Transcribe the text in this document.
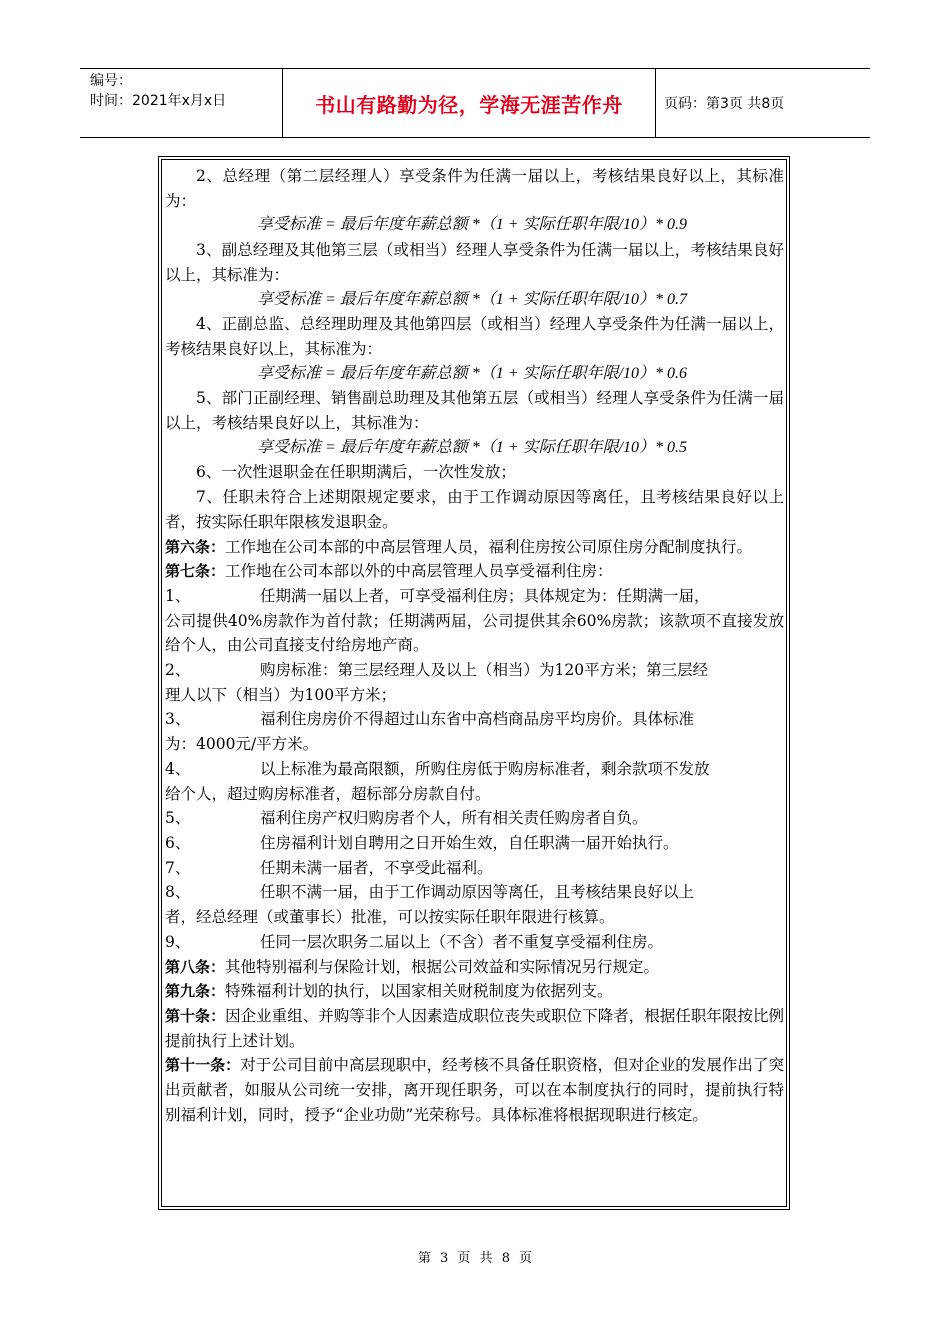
编号：
时间：2021年x月x日	书山有路勤为径，学海无涯苦作舟	页码：第3页 共8页

2、总经理（第二层经理人）享受条件为任满一届以上，考核结果良好以上，其标准为：

享受标准 = 最后年度年薪总额 *（1 + 实际任职年限/10）* 0.9

3、副总经理及其他第三层（或相当）经理人享受条件为任满一届以上，考核结果良好以上，其标准为：

享受标准 = 最后年度年薪总额 *（1 + 实际任职年限/10）* 0.7

4、正副总监、总经理助理及其他第四层（或相当）经理人享受条件为任满一届以上，考核结果良好以上，其标准为：

享受标准 = 最后年度年薪总额 *（1 + 实际任职年限/10）* 0.6

5、部门正副经理、销售副总助理及其他第五层（或相当）经理人享受条件为任满一届以上，考核结果良好以上，其标准为：

享受标准 = 最后年度年薪总额 *（1 + 实际任职年限/10）* 0.5

6、一次性退职金在任职期满后，一次性发放；

7、任职未符合上述期限规定要求，由于工作调动原因等离任，且考核结果良好以上者，按实际任职年限核发退职金。

第六条：工作地在公司本部的中高层管理人员，福利住房按公司原住房分配制度执行。

第七条：工作地在公司本部以外的中高层管理人员享受福利住房：

1、	任期满一届以上者，可享受福利住房；具体规定为：任期满一届，

公司提供40%房款作为首付款；任期满两届，公司提供其余60%房款；该款项不直接发放给个人，由公司直接支付给房地产商。

2、	购房标准：第三层经理人及以上（相当）为120平方米；第三层经

理人以下（相当）为100平方米；

3、	福利住房房价不得超过山东省中高档商品房平均房价。具体标准

为：4000元/平方米。

4、	以上标准为最高限额，所购住房低于购房标准者，剩余款项不发放

给个人，超过购房标准者，超标部分房款自付。

5、	福利住房产权归购房者个人，所有相关责任购房者自负。
6、	住房福利计划自聘用之日开始生效，自任职满一届开始执行。
7、	任期未满一届者，不享受此福利。
8、	任职不满一届，由于工作调动原因等离任，且考核结果良好以上

者，经总经理（或董事长）批准，可以按实际任职年限进行核算。

9、	任同一层次职务二届以上（不含）者不重复享受福利住房。

第八条：其他特别福利与保险计划，根据公司效益和实际情况另行规定。

第九条：特殊福利计划的执行，以国家相关财税制度为依据列支。

第十条：因企业重组、并购等非个人因素造成职位丧失或职位下降者，根据任职年限按比例提前执行上述计划。

第十一条：对于公司目前中高层现职中，经考核不具备任职资格，但对企业的发展作出了突出贡献者，如服从公司统一安排，离开现任职务，可以在本制度执行的同时，提前执行特别福利计划，同时，授予“企业功勋”光荣称号。具体标准将根据现职进行核定。

第 3 页 共 8 页
